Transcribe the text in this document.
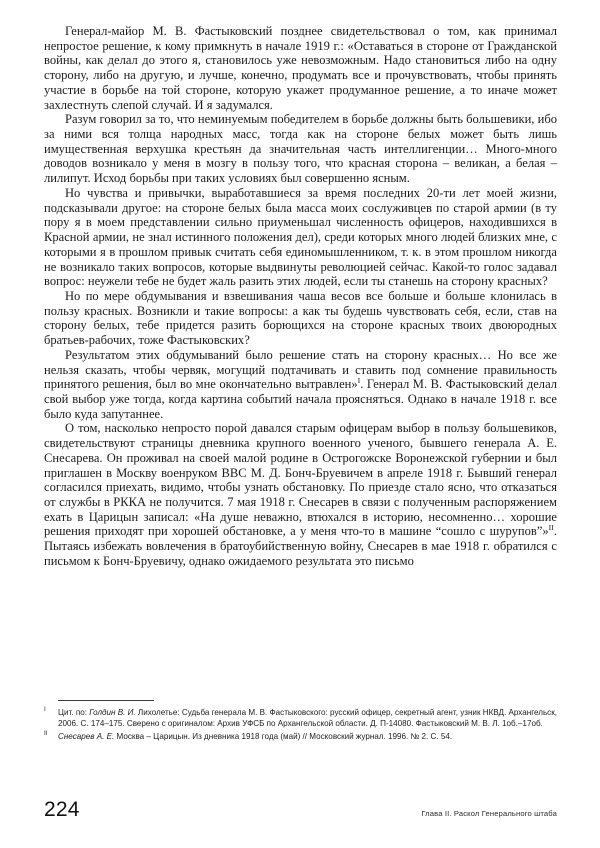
Генерал-майор М. В. Фастыковский позднее свидетельствовал о том, как принимал непростое решение, к кому примкнуть в начале 1919 г.: «Оставаться в стороне от Гражданской войны, как делал до этого я, становилось уже невозможным. Надо становиться либо на одну сторону, либо на другую, и лучше, конечно, продумать все и прочувствовать, чтобы принять участие в борьбе на той стороне, которую укажет продуманное решение, а то иначе может захлестнуть слепой случай. И я задумался.

Разум говорил за то, что неминуемым победителем в борьбе должны быть большевики, ибо за ними вся толща народных масс, тогда как на стороне белых может быть лишь имущественная верхушка крестьян да значительная часть интеллигенции… Много-много доводов возникало у меня в мозгу в пользу того, что красная сторона – великан, а белая – лилипут. Исход борьбы при таких условиях был совершенно ясным.

Но чувства и привычки, выработавшиеся за время последних 20-ти лет моей жизни, подсказывали другое: на стороне белых была масса моих сослуживцев по старой армии (в ту пору я в моем представлении сильно приуменьшал численность офицеров, находившихся в Красной армии, не знал истинного положения дел), среди которых много людей близких мне, с которыми я в прошлом привык считать себя единомышленником, т. к. в этом прошлом никогда не возникало таких вопросов, которые выдвинуты революцией сейчас. Какой-то голос задавал вопрос: неужели тебе не будет жаль разить этих людей, если ты станешь на сторону красных?

Но по мере обдумывания и взвешивания чаша весов все больше и больше клонилась в пользу красных. Возникли и такие вопросы: а как ты будешь чувствовать себя, если, став на сторону белых, тебе придется разить борющихся на стороне красных твоих двоюродных братьев-рабочих, тоже Фастыковских?

Результатом этих обдумываний было решение стать на сторону красных… Но все же нельзя сказать, чтобы червяк, могущий подтачивать и ставить под сомнение правильность принятого решения, был во мне окончательно вытравлен»$^I$. Генерал М. В. Фастыковский делал свой выбор уже тогда, когда картина событий начала проясняться. Однако в начале 1918 г. все было куда запутаннее.

О том, насколько непросто порой давался старым офицерам выбор в пользу большевиков, свидетельствуют страницы дневника крупного военного ученого, бывшего генерала А. Е. Снесарева. Он проживал на своей малой родине в Острогожске Воронежской губернии и был приглашен в Москву военруком ВВС М. Д. Бонч-Бруевичем в апреле 1918 г. Бывший генерал согласился приехать, видимо, чтобы узнать обстановку. По приезде стало ясно, что отказаться от службы в РККА не получится. 7 мая 1918 г. Снесарев в связи с полученным распоряжением ехать в Царицын записал: «На душе неважно, втюхался в историю, несомненно… хорошие решения приходят при хорошей обстановке, а у меня что-то в машине “сошло с шурупов”»$^{II}$. Пытаясь избежать вовлечения в братоубийственную войну, Снесарев в мае 1918 г. обратился с письмом к Бонч-Бруевичу, однако ожидаемого результата это письмо

I Цит. по: Голдин В. И. Лихолетье: Судьба генерала М. В. Фастыковского: русский офицер, секретный агент, узник НКВД. Архангельск, 2006. С. 174–175. Сверено с оригиналом: Архив УФСБ по Архангельской области. Д. П-14080. Фастыковский М. В. Л. 1об.–17об.

II Снесарев А. Е. Москва – Царицын. Из дневника 1918 года (май) // Московский журнал. 1996. № 2. С. 54.

224	Глава II. Раскол Генерального штаба
